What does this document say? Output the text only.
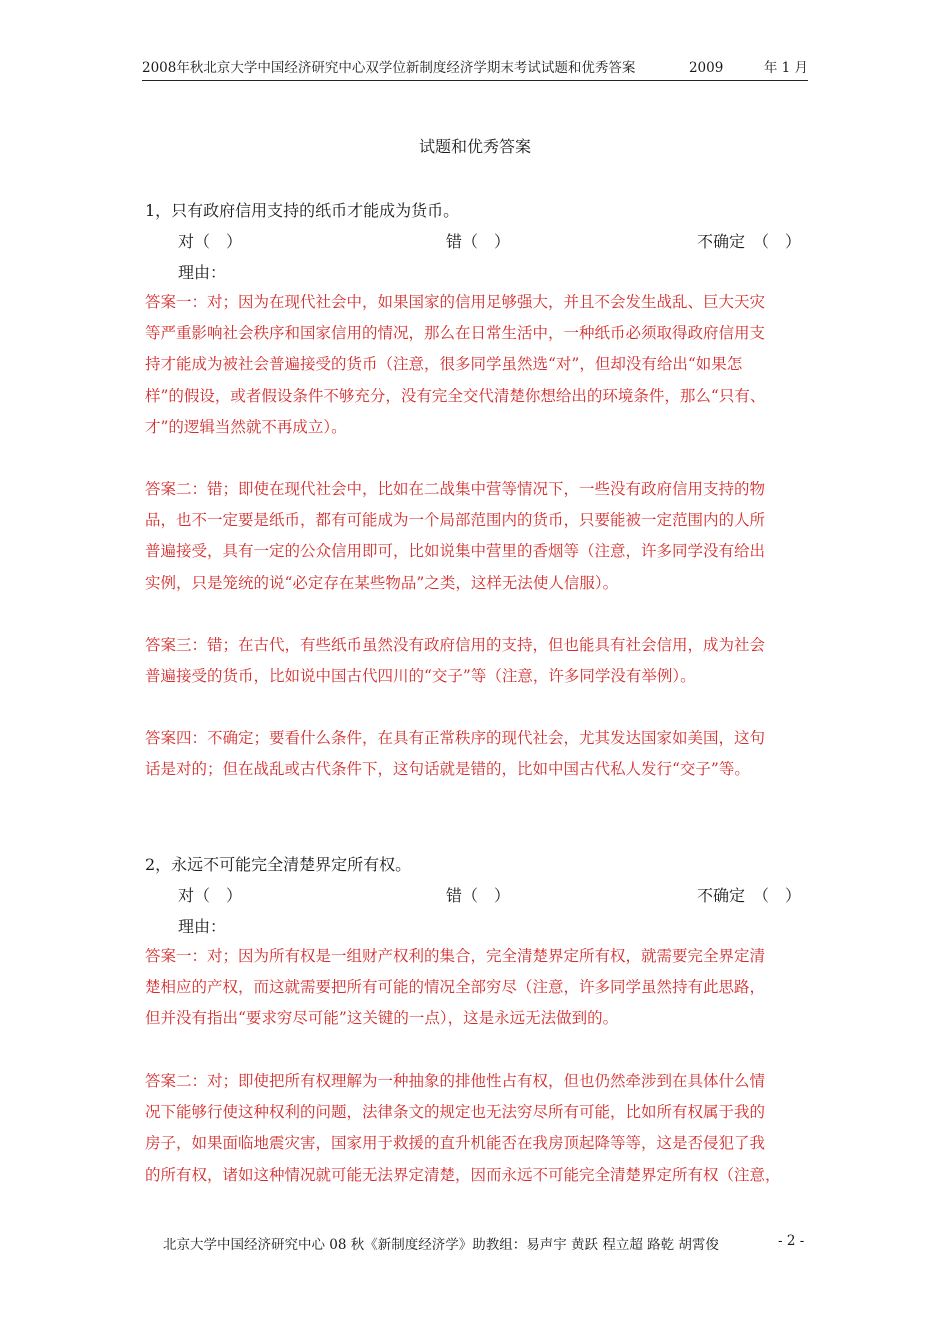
2008年秋北京大学中国经济研究中心双学位新制度经济学期末考试试题和优秀答案	2009　　　年 1 月
试题和优秀答案
1，只有政府信用支持的纸币才能成为货币。
对（　）	错（　）	不确定　（　）
理由：
答案一：对；因为在现代社会中，如果国家的信用足够强大，并且不会发生战乱、巨大天灾
等严重影响社会秩序和国家信用的情况，那么在日常生活中，一种纸币必须取得政府信用支
持才能成为被社会普遍接受的货币（注意，很多同学虽然选“对”，但却没有给出“如果怎
样”的假设，或者假设条件不够充分，没有完全交代清楚你想给出的环境条件，那么“只有、
才”的逻辑当然就不再成立）。
答案二：错；即使在现代社会中，比如在二战集中营等情况下，一些没有政府信用支持的物
品，也不一定要是纸币，都有可能成为一个局部范围内的货币，只要能被一定范围内的人所
普遍接受，具有一定的公众信用即可，比如说集中营里的香烟等（注意，许多同学没有给出
实例，只是笼统的说“必定存在某些物品”之类，这样无法使人信服）。
答案三：错；在古代，有些纸币虽然没有政府信用的支持，但也能具有社会信用，成为社会
普遍接受的货币，比如说中国古代四川的“交子”等（注意，许多同学没有举例）。
答案四：不确定；要看什么条件，在具有正常秩序的现代社会，尤其发达国家如美国，这句
话是对的；但在战乱或古代条件下，这句话就是错的，比如中国古代私人发行“交子”等。
2，永远不可能完全清楚界定所有权。
对（　）	错（　）	不确定　（　）
理由：
答案一：对；因为所有权是一组财产权利的集合，完全清楚界定所有权，就需要完全界定清
楚相应的产权，而这就需要把所有可能的情况全部穷尽（注意，许多同学虽然持有此思路，
但并没有指出“要求穷尽可能”这关键的一点），这是永远无法做到的。
答案二：对；即使把所有权理解为一种抽象的排他性占有权，但也仍然牵涉到在具体什么情
况下能够行使这种权利的问题，法律条文的规定也无法穷尽所有可能，比如所有权属于我的
房子，如果面临地震灾害，国家用于救援的直升机能否在我房顶起降等等，这是否侵犯了我
的所有权，诸如这种情况就可能无法界定清楚，因而永远不可能完全清楚界定所有权（注意，
北京大学中国经济研究中心 08 秋《新制度经济学》助教组：易声宇 黄跃 程立超 路乾 胡霄俊	- 2 -
